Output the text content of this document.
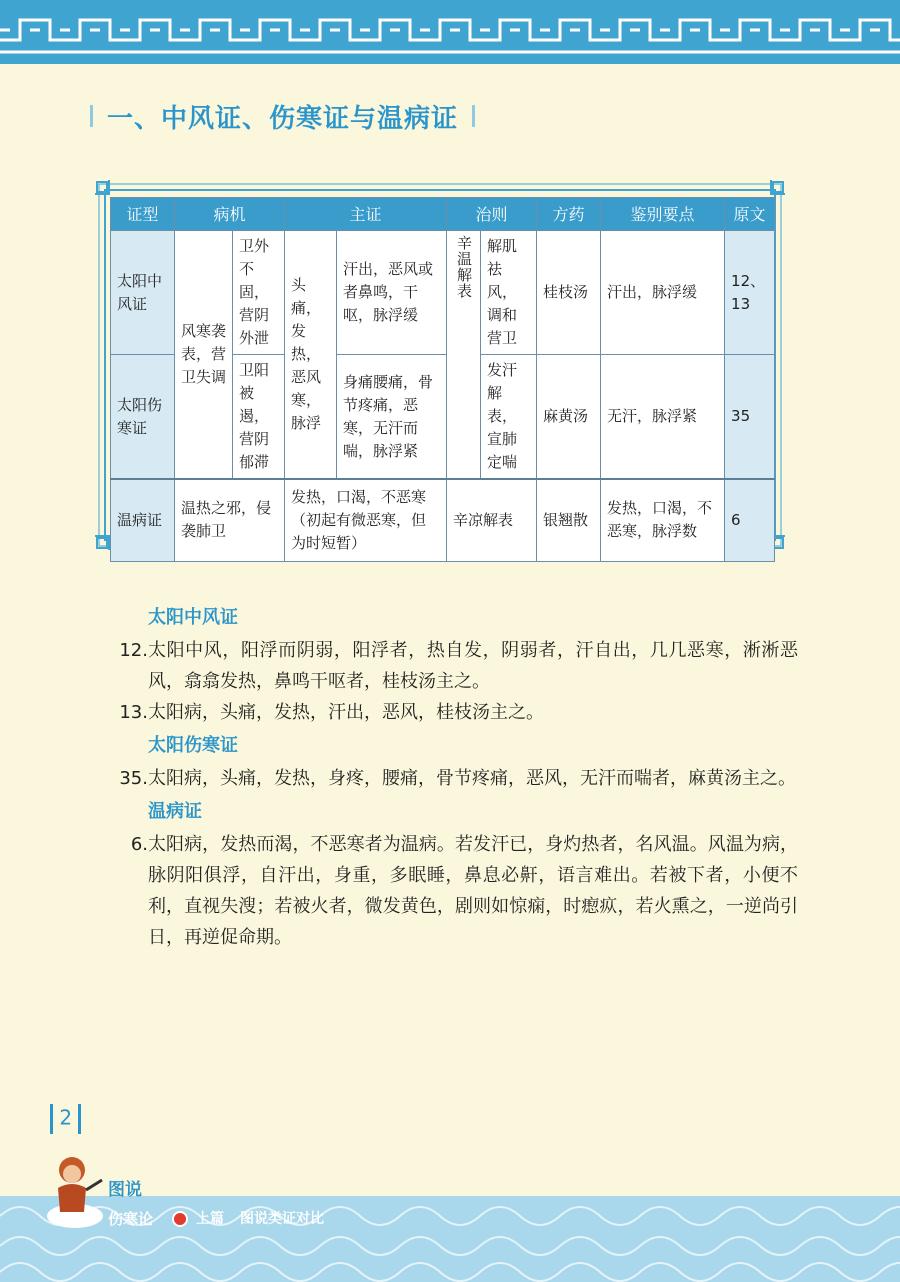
一、中风证、伤寒证与温病证
证型	病机		主证		治则		方药	鉴别要点	原文
太阳中风证	风寒袭表，营卫失调	卫外不固，营阴外泄	头痛，发热，恶风寒，脉浮	汗出，恶风或者鼻鸣，干呕，脉浮缓	辛温解表	解肌祛风，调和营卫	桂枝汤	汗出，脉浮缓	12、13
太阳伤寒证		卫阳被遏，营阴郁滞		身痛腰痛，骨节疼痛，恶寒，无汗而喘，脉浮紧		发汗解表，宣肺定喘	麻黄汤	无汗，脉浮紧	35
温病证	温热之邪，侵袭肺卫		发热，口渴，不恶寒（初起有微恶寒，但为时短暂）		辛凉解表		银翘散	发热，口渴，不恶寒，脉浮数	6
太阳中风证
12. 太阳中风，阳浮而阴弱，阳浮者，热自发，阴弱者，汗自出，几几恶寒，淅淅恶风，翕翕发热，鼻鸣干呕者，桂枝汤主之。
13. 太阳病，头痛，发热，汗出，恶风，桂枝汤主之。
太阳伤寒证
35. 太阳病，头痛，发热，身疼，腰痛，骨节疼痛，恶风，无汗而喘者，麻黄汤主之。
温病证
6. 太阳病，发热而渴，不恶寒者为温病。若发汗已，身灼热者，名风温。风温为病，脉阴阳俱浮，自汗出，身重，多眠睡，鼻息必鼾，语言难出。若被下者，小便不利，直视失溲；若被火者，微发黄色，剧则如惊痫，时瘛疭，若火熏之，一逆尚引日，再逆促命期。
2
图说
伤寒论	上篇 图说类证对比
